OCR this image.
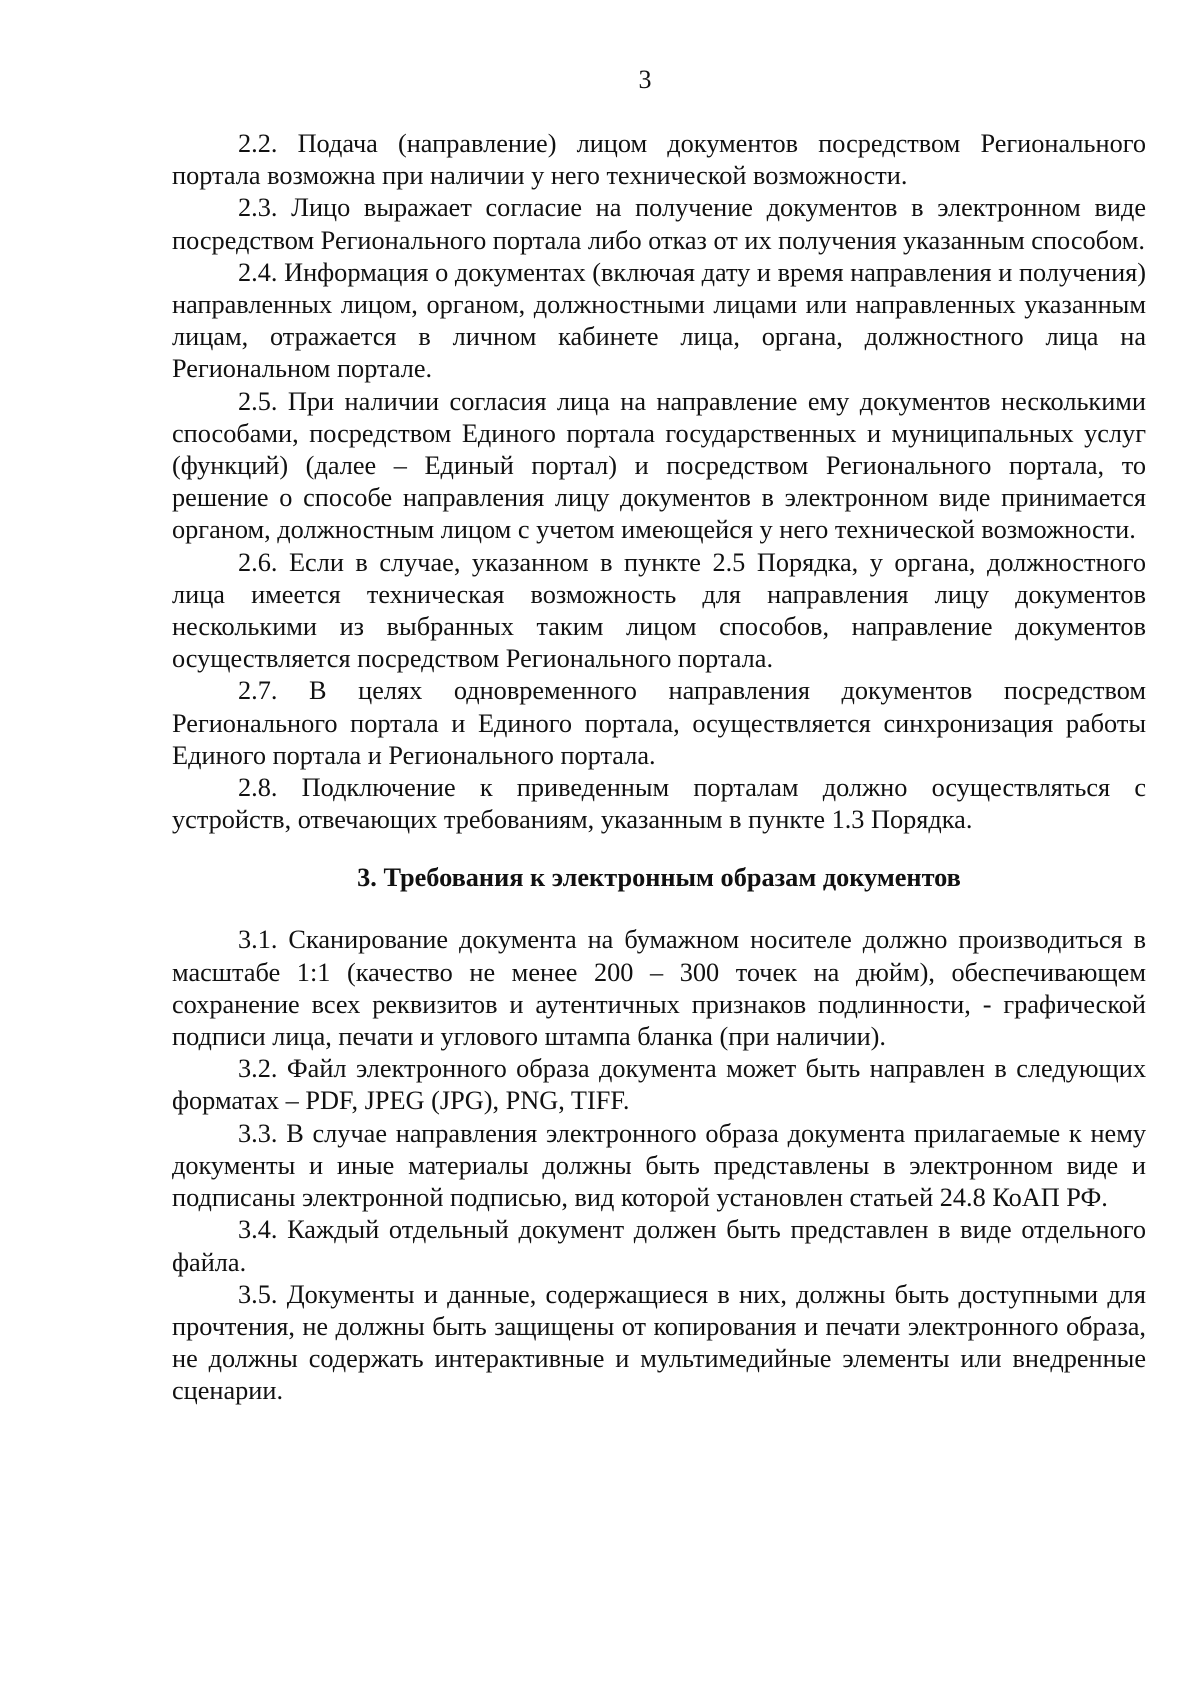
3

2.2. Подача (направление) лицом документов посредством Регионального портала возможна при наличии у него технической возможности.

2.3. Лицо выражает согласие на получение документов в электронном виде посредством Регионального портала либо отказ от их получения указанным способом.

2.4. Информация о документах (включая дату и время направления и получения) направленных лицом, органом, должностными лицами или направленных указанным лицам, отражается в личном кабинете лица, органа, должностного лица на Региональном портале.

2.5. При наличии согласия лица на направление ему документов несколькими способами, посредством Единого портала государственных и муниципальных услуг (функций) (далее – Единый портал) и посредством Регионального портала, то решение о способе направления лицу документов в электронном виде принимается органом, должностным лицом с учетом имеющейся у него технической возможности.

2.6. Если в случае, указанном в пункте 2.5 Порядка, у органа, должностного лица имеется техническая возможность для направления лицу документов несколькими из выбранных таким лицом способов, направление документов осуществляется посредством Регионального портала.

2.7. В целях одновременного направления документов посредством Регионального портала и Единого портала, осуществляется синхронизация работы Единого портала и Регионального портала.

2.8. Подключение к приведенным порталам должно осуществляться с устройств, отвечающих требованиям, указанным в пункте 1.3 Порядка.

3. Требования к электронным образам документов

3.1. Сканирование документа на бумажном носителе должно производиться в масштабе 1:1 (качество не менее 200 – 300 точек на дюйм), обеспечивающем сохранение всех реквизитов и аутентичных признаков подлинности, - графической подписи лица, печати и углового штампа бланка (при наличии).

3.2. Файл электронного образа документа может быть направлен в следующих форматах – PDF, JPEG (JPG), PNG, TIFF.

3.3. В случае направления электронного образа документа прилагаемые к нему документы и иные материалы должны быть представлены в электронном виде и подписаны электронной подписью, вид которой установлен статьей 24.8 КоАП РФ.

3.4. Каждый отдельный документ должен быть представлен в виде отдельного файла.

3.5. Документы и данные, содержащиеся в них, должны быть доступными для прочтения, не должны быть защищены от копирования и печати электронного образа, не должны содержать интерактивные и мультимедийные элементы или внедренные сценарии.
